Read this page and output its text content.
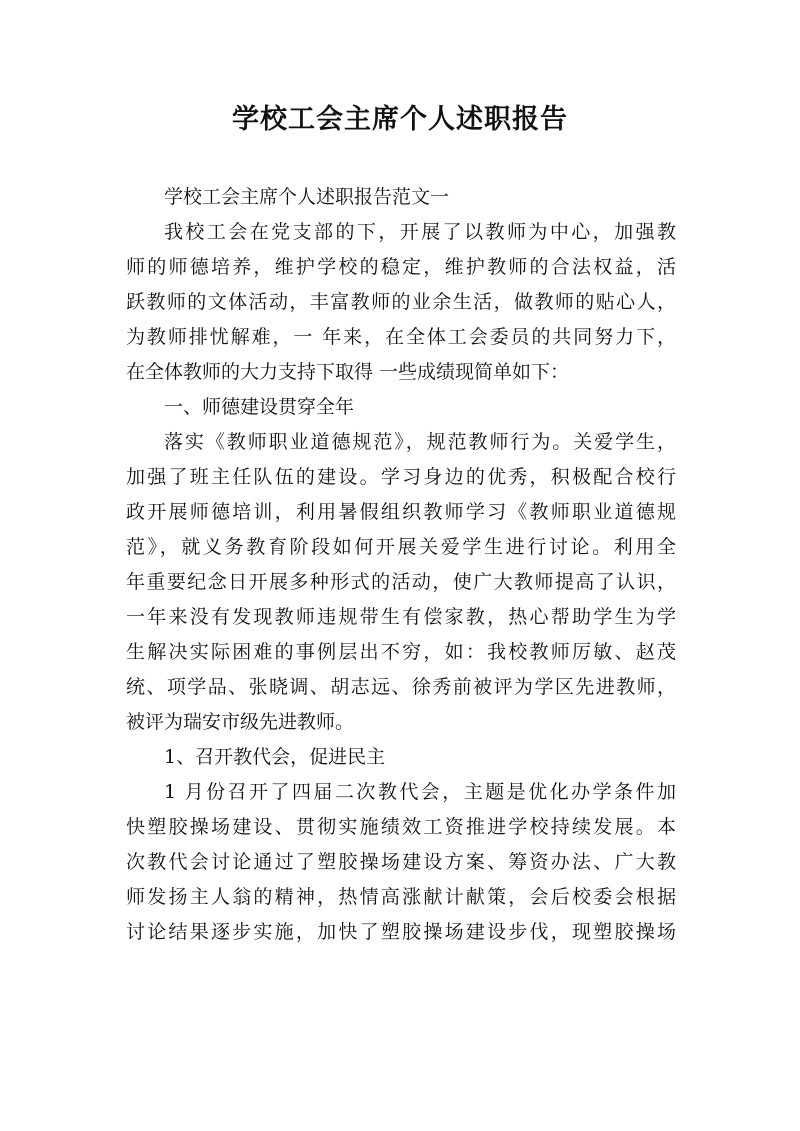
学校工会主席个人述职报告
学校工会主席个人述职报告范文一
我校工会在党支部的下，开展了以教师为中心，加强教
师的师德培养，维护学校的稳定，维护教师的合法权益，活
跃教师的文体活动，丰富教师的业余生活，做教师的贴心人，
为教师排忧解难，一 年来，在全体工会委员的共同努力下，
在全体教师的大力支持下取得 一些成绩现简单如下：
一、师德建设贯穿全年
落实《教师职业道德规范》，规范教师行为。关爱学生，
加强了班主任队伍的建设。学习身边的优秀，积极配合校行
政开展师德培训，利用暑假组织教师学习《教师职业道德规
范》，就义务教育阶段如何开展关爱学生进行讨论。利用全
年重要纪念日开展多种形式的活动，使广大教师提高了认识，
一年来没有发现教师违规带生有偿家教，热心帮助学生为学
生解决实际困难的事例层出不穷，如：我校教师厉敏、赵茂
统、项学品、张晓调、胡志远、徐秀前被评为学区先进教师，
被评为瑞安市级先进教师。
1、召开教代会，促进民主
1 月份召开了四届二次教代会，主题是优化办学条件加
快塑胶操场建设、贯彻实施绩效工资推进学校持续发展。本
次教代会讨论通过了塑胶操场建设方案、筹资办法、广大教
师发扬主人翁的精神，热情高涨献计献策，会后校委会根据
讨论结果逐步实施，加快了塑胶操场建设步伐，现塑胶操场
